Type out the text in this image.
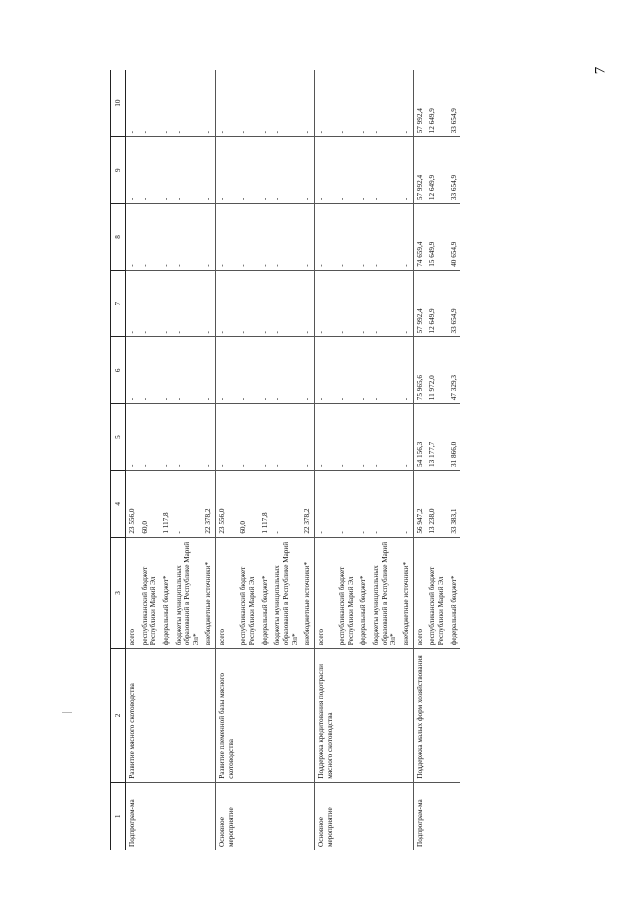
7
1	2	3	4	5	6	7	8	9	10
Подпрограм-ма	Развитие мясного скотоводства	всего	23 556,0	-	-	-	-	-	-
		республиканский бюджет Республики Марий Эл	60,0	-	-	-	-	-	-
		федеральный бюджет*	1 117,8	-	-	-	-	-	-
		бюджеты муниципальных образований в Республике Марий Эл*	-	-	-	-	-	-	-
		внебюджетные источники*	22 378,2	-	-	-	-	-	-
Основное мероприятие	Развитие племенной базы мясного скотоводства	всего	23 556,0	-	-	-	-	-	-
		республиканский бюджет Республики Марий Эл	60,0	-	-	-	-	-	-
		федеральный бюджет*	1 117,8	-	-	-	-	-	-
		бюджеты муниципальных образований в Республике Марий Эл*	-	-	-	-	-	-	-
		внебюджетные источники*	22 378,2	-	-	-	-	-	-
Основное мероприятие	Поддержка кредитования подотрасли мясного скотоводства	всего	-	-	-	-	-	-	-
		республиканский бюджет Республики Марий Эл	-	-	-	-	-	-	-
		федеральный бюджет*	-	-	-	-	-	-	-
		бюджеты муниципальных образований в Республике Марий Эл*	-	-	-	-	-	-	-
		внебюджетные источники*	-	-	-	-	-	-	-
Подпрограм-ма	Поддержка малых форм хозяйствования	всего	56 947,2	54 156,3	75 965,6	57 992,4	74 659,4	57 992,4	57 992,4
		республиканский бюджет Республики Марий Эл	13 238,0	13 177,7	11 972,0	12 649,9	15 649,9	12 649,9	12 649,9
		федеральный бюджет*	33 383,1	31 866,0	47 329,3	33 654,9	40 654,9	33 654,9	33 654,9
